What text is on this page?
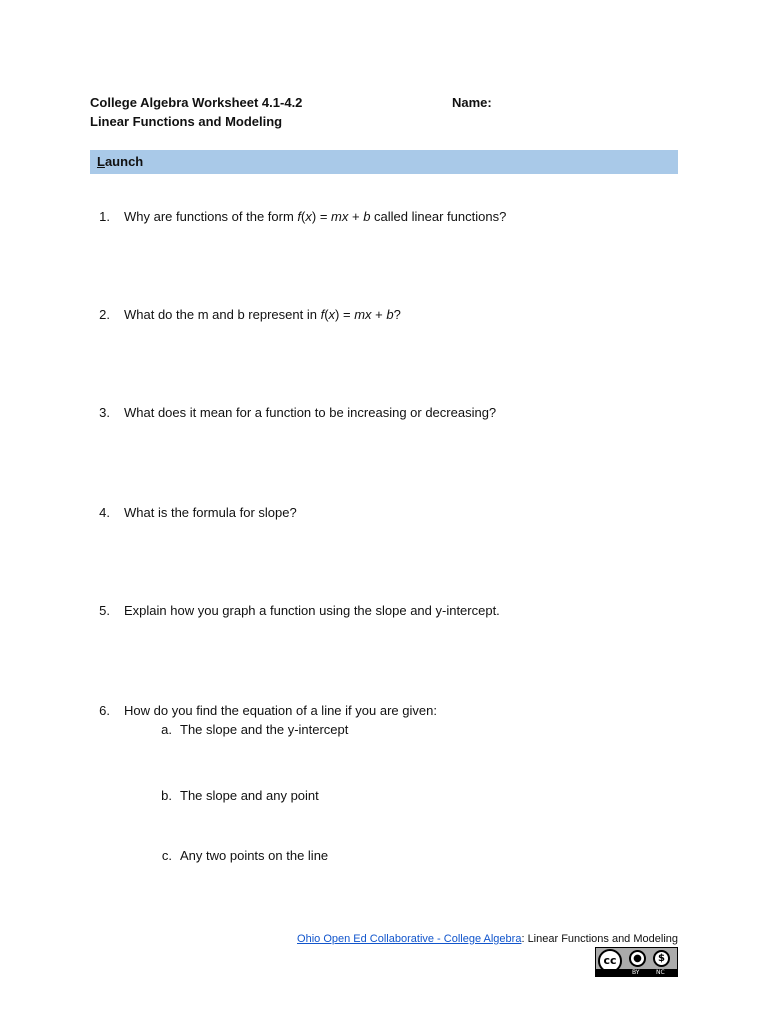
College Algebra Worksheet 4.1-4.2	Name:
Linear Functions and Modeling
Launch
1. Why are functions of the form f(x) = mx + b called linear functions?
2. What do the m and b represent in f(x) = mx + b?
3. What does it mean for a function to be increasing or decreasing?
4. What is the formula for slope?
5. Explain how you graph a function using the slope and y-intercept.
6. How do you find the equation of a line if you are given:
a. The slope and the y-intercept
b. The slope and any point
c. Any two points on the line
Ohio Open Ed Collaborative - College Algebra: Linear Functions and Modeling
cc	●	$
BY	NC
